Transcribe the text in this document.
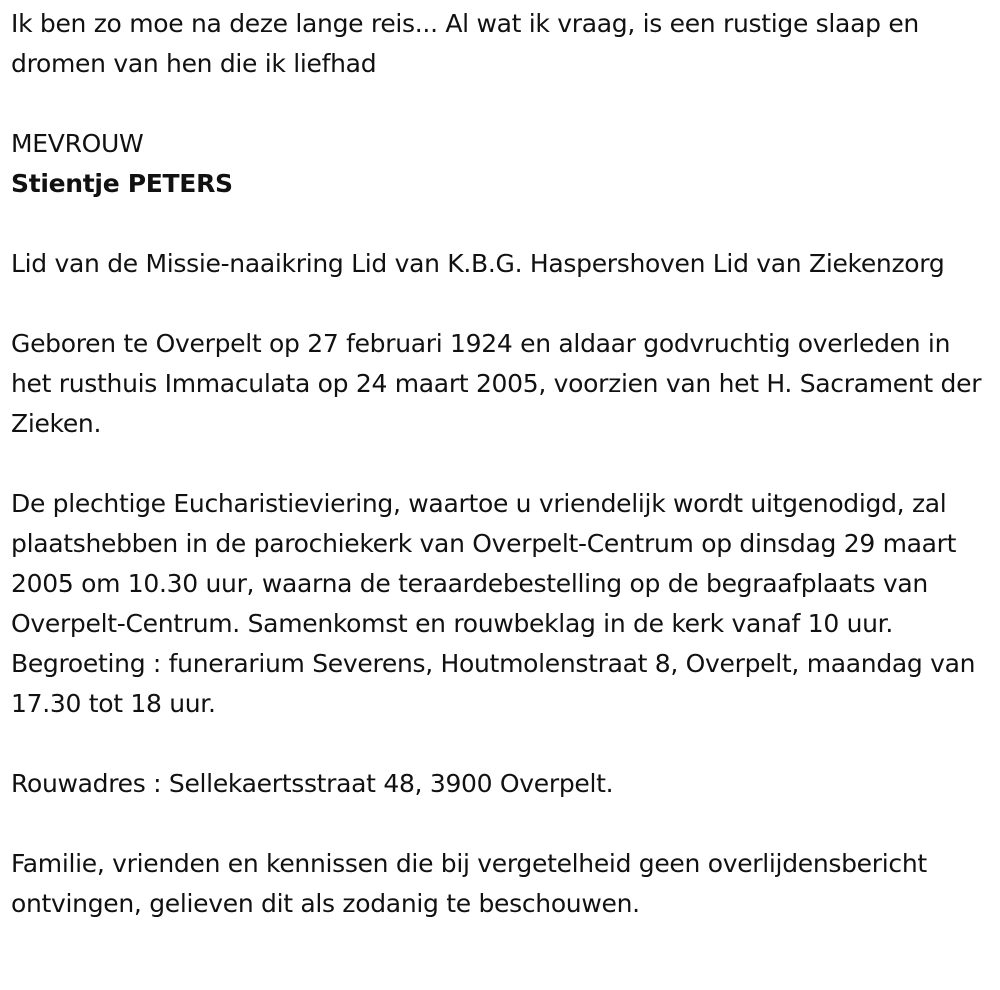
Ik ben zo moe na deze lange reis... Al wat ik vraag, is een rustige slaap en dromen van hen die ik liefhad

MEVROUW

Stientje PETERS

Lid van de Missie-naaikring Lid van K.B.G. Haspershoven Lid van Ziekenzorg

Geboren te Overpelt op 27 februari 1924 en aldaar godvruchtig overleden in het rusthuis Immaculata op 24 maart 2005, voorzien van het H. Sacrament der Zieken.

De plechtige Eucharistieviering, waartoe u vriendelijk wordt uitgenodigd, zal plaatshebben in de parochiekerk van Overpelt-Centrum op dinsdag 29 maart 2005 om 10.30 uur, waarna de teraardebestelling op de begraafplaats van Overpelt-Centrum. Samenkomst en rouwbeklag in de kerk vanaf 10 uur. Begroeting : funerarium Severens, Houtmolenstraat 8, Overpelt, maandag van 17.30 tot 18 uur.

Rouwadres : Sellekaertsstraat 48, 3900 Overpelt.

Familie, vrienden en kennissen die bij vergetelheid geen overlijdensbericht ontvingen, gelieven dit als zodanig te beschouwen.
